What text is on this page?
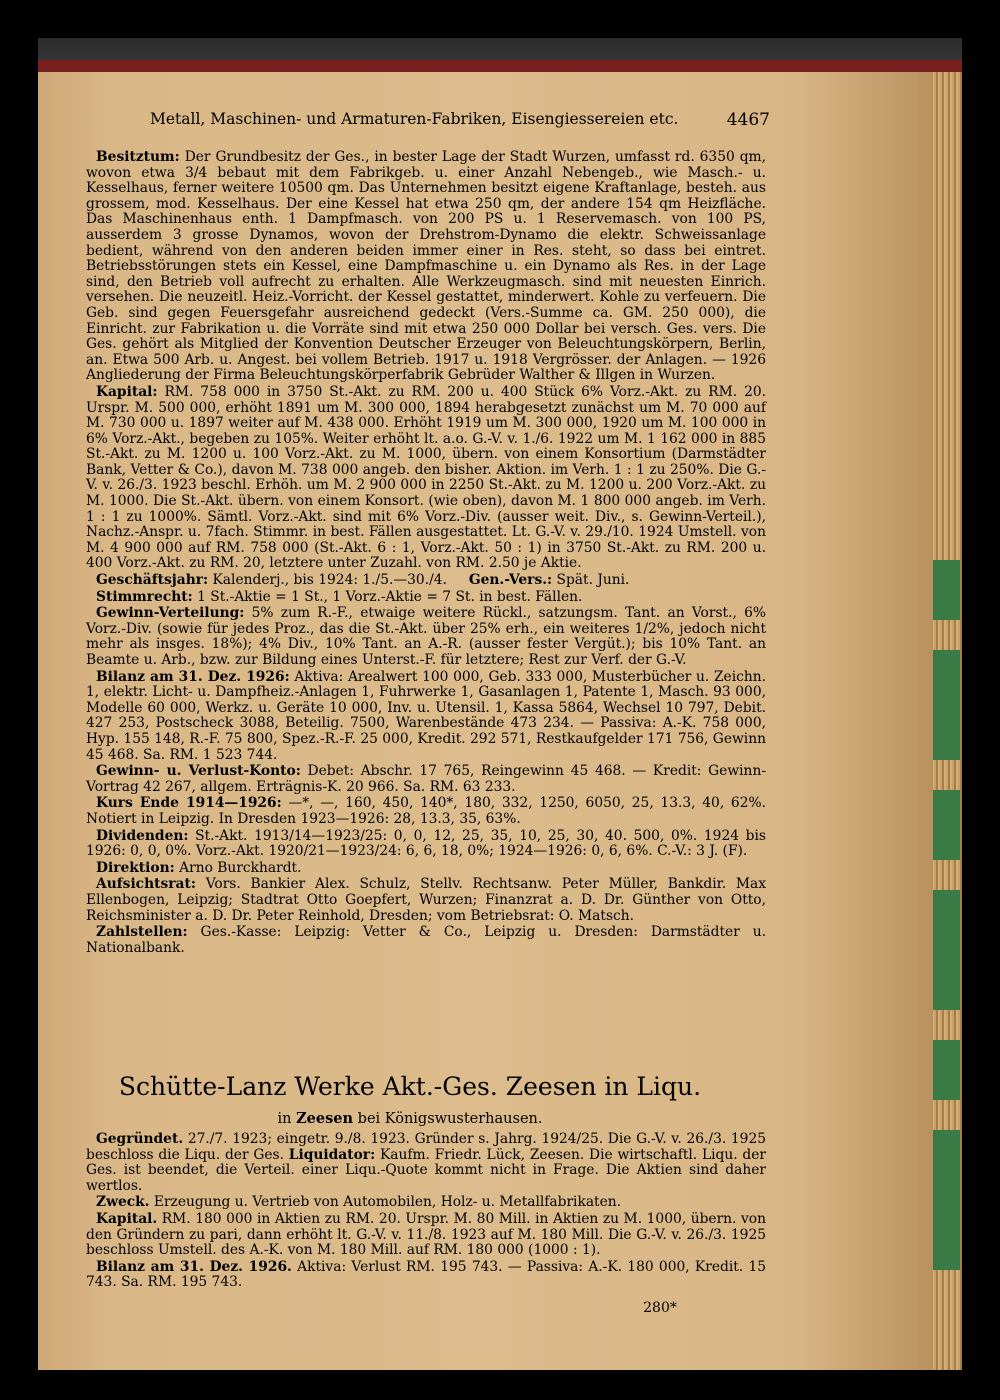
Metall, Maschinen- und Armaturen-Fabriken, Eisengiessereien etc.	4467

Besitztum: Der Grundbesitz der Ges., in bester Lage der Stadt Wurzen, umfasst rd. 6350 qm, wovon etwa 3/4 bebaut mit dem Fabrikgeb. u. einer Anzahl Nebengeb., wie Masch.- u. Kesselhaus, ferner weitere 10500 qm. Das Unternehmen besitzt eigene Kraftanlage, besteh. aus grossem, mod. Kesselhaus. Der eine Kessel hat etwa 250 qm, der andere 154 qm Heizfläche. Das Maschinenhaus enth. 1 Dampfmasch. von 200 PS u. 1 Reservemasch. von 100 PS, ausserdem 3 grosse Dynamos, wovon der Drehstrom-Dynamo die elektr. Schweissanlage bedient, während von den anderen beiden immer einer in Res. steht, so dass bei eintret. Betriebsstörungen stets ein Kessel, eine Dampfmaschine u. ein Dynamo als Res. in der Lage sind, den Betrieb voll aufrecht zu erhalten. Alle Werkzeugmasch. sind mit neuesten Einrich. versehen. Die neuzeitl. Heiz.-Vorricht. der Kessel gestattet, minderwert. Kohle zu verfeuern. Die Geb. sind gegen Feuersgefahr ausreichend gedeckt (Vers.-Summe ca. GM. 250 000), die Einricht. zur Fabrikation u. die Vorräte sind mit etwa 250 000 Dollar bei versch. Ges. vers. Die Ges. gehört als Mitglied der Konvention Deutscher Erzeuger von Beleuchtungskörpern, Berlin, an. Etwa 500 Arb. u. Angest. bei vollem Betrieb. 1917 u. 1918 Vergrösser. der Anlagen. — 1926 Angliederung der Firma Beleuchtungskörperfabrik Gebrüder Walther & Illgen in Wurzen.

Kapital: RM. 758 000 in 3750 St.-Akt. zu RM. 200 u. 400 Stück 6% Vorz.-Akt. zu RM. 20. Urspr. M. 500 000, erhöht 1891 um M. 300 000, 1894 herabgesetzt zunächst um M. 70 000 auf M. 730 000 u. 1897 weiter auf M. 438 000. Erhöht 1919 um M. 300 000, 1920 um M. 100 000 in 6% Vorz.-Akt., begeben zu 105%. Weiter erhöht lt. a.o. G.-V. v. 1./6. 1922 um M. 1 162 000 in 885 St.-Akt. zu M. 1200 u. 100 Vorz.-Akt. zu M. 1000, übern. von einem Konsortium (Darmstädter Bank, Vetter & Co.), davon M. 738 000 angeb. den bisher. Aktion. im Verh. 1 : 1 zu 250%. Die G.-V. v. 26./3. 1923 beschl. Erhöh. um M. 2 900 000 in 2250 St.-Akt. zu M. 1200 u. 200 Vorz.-Akt. zu M. 1000. Die St.-Akt. übern. von einem Konsort. (wie oben), davon M. 1 800 000 angeb. im Verh. 1 : 1 zu 1000%. Sämtl. Vorz.-Akt. sind mit 6% Vorz.-Div. (ausser weit. Div., s. Gewinn-Verteil.), Nachz.-Anspr. u. 7fach. Stimmr. in best. Fällen ausgestattet. Lt. G.-V. v. 29./10. 1924 Umstell. von M. 4 900 000 auf RM. 758 000 (St.-Akt. 6 : 1, Vorz.-Akt. 50 : 1) in 3750 St.-Akt. zu RM. 200 u. 400 Vorz.-Akt. zu RM. 20, letztere unter Zuzahl. von RM. 2.50 je Aktie.

Geschäftsjahr: Kalenderj., bis 1924: 1./5.—30./4. Gen.-Vers.: Spät. Juni.

Stimmrecht: 1 St.-Aktie = 1 St., 1 Vorz.-Aktie = 7 St. in best. Fällen.

Gewinn-Verteilung: 5% zum R.-F., etwaige weitere Rückl., satzungsm. Tant. an Vorst., 6% Vorz.-Div. (sowie für jedes Proz., das die St.-Akt. über 25% erh., ein weiteres 1/2%, jedoch nicht mehr als insges. 18%); 4% Div., 10% Tant. an A.-R. (ausser fester Vergüt.); bis 10% Tant. an Beamte u. Arb., bzw. zur Bildung eines Unterst.-F. für letztere; Rest zur Verf. der G.-V.

Bilanz am 31. Dez. 1926: Aktiva: Arealwert 100 000, Geb. 333 000, Musterbücher u. Zeichn. 1, elektr. Licht- u. Dampfheiz.-Anlagen 1, Fuhrwerke 1, Gasanlagen 1, Patente 1, Masch. 93 000, Modelle 60 000, Werkz. u. Geräte 10 000, Inv. u. Utensil. 1, Kassa 5864, Wechsel 10 797, Debit. 427 253, Postscheck 3088, Beteilig. 7500, Warenbestände 473 234. — Passiva: A.-K. 758 000, Hyp. 155 148, R.-F. 75 800, Spez.-R.-F. 25 000, Kredit. 292 571, Restkaufgelder 171 756, Gewinn 45 468. Sa. RM. 1 523 744.

Gewinn- u. Verlust-Konto: Debet: Abschr. 17 765, Reingewinn 45 468. — Kredit: Gewinn-Vortrag 42 267, allgem. Erträgnis-K. 20 966. Sa. RM. 63 233.

Kurs Ende 1914—1926: —*, —, 160, 450, 140*, 180, 332, 1250, 6050, 25, 13.3, 40, 62%. Notiert in Leipzig. In Dresden 1923—1926: 28, 13.3, 35, 63%.

Dividenden: St.-Akt. 1913/14—1923/25: 0, 0, 12, 25, 35, 10, 25, 30, 40. 500, 0%. 1924 bis 1926: 0, 0, 0%. Vorz.-Akt. 1920/21—1923/24: 6, 6, 18, 0%; 1924—1926: 0, 6, 6%. C.-V.: 3 J. (F).

Direktion: Arno Burckhardt.

Aufsichtsrat: Vors. Bankier Alex. Schulz, Stellv. Rechtsanw. Peter Müller, Bankdir. Max Ellenbogen, Leipzig; Stadtrat Otto Goepfert, Wurzen; Finanzrat a. D. Dr. Günther von Otto, Reichsminister a. D. Dr. Peter Reinhold, Dresden; vom Betriebsrat: O. Matsch.

Zahlstellen: Ges.-Kasse: Leipzig: Vetter & Co., Leipzig u. Dresden: Darmstädter u. Nationalbank.

Schütte-Lanz Werke Akt.-Ges. Zeesen in Liqu.
in Zeesen bei Königswusterhausen.

Gegründet. 27./7. 1923; eingetr. 9./8. 1923. Gründer s. Jahrg. 1924/25. Die G.-V. v. 26./3. 1925 beschloss die Liqu. der Ges. Liquidator: Kaufm. Friedr. Lück, Zeesen. Die wirtschaftl. Liqu. der Ges. ist beendet, die Verteil. einer Liqu.-Quote kommt nicht in Frage. Die Aktien sind daher wertlos.

Zweck. Erzeugung u. Vertrieb von Automobilen, Holz- u. Metallfabrikaten.

Kapital. RM. 180 000 in Aktien zu RM. 20. Urspr. M. 80 Mill. in Aktien zu M. 1000, übern. von den Gründern zu pari, dann erhöht lt. G.-V. v. 11./8. 1923 auf M. 180 Mill. Die G.-V. v. 26./3. 1925 beschloss Umstell. des A.-K. von M. 180 Mill. auf RM. 180 000 (1000 : 1).

Bilanz am 31. Dez. 1926. Aktiva: Verlust RM. 195 743. — Passiva: A.-K. 180 000, Kredit. 15 743. Sa. RM. 195 743.

280*
